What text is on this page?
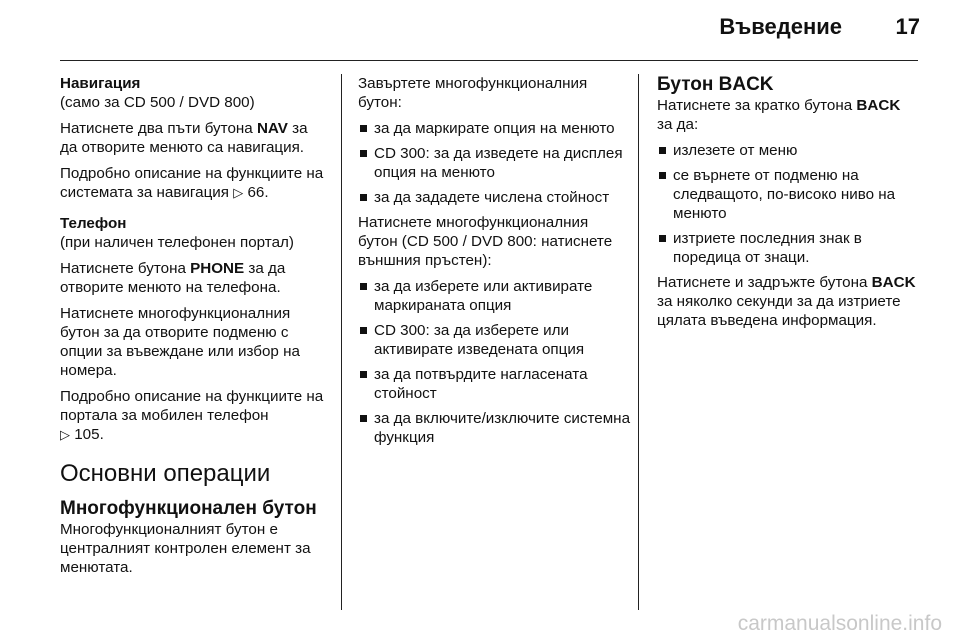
Въведение 17
Навигация

(само за CD 500 / DVD 800)

Натиснете два пъти бутона NAV за да отворите менюто са навигация.

Подробно описание на функциите на системата за навигация ▷ 66.

Телефон

(при наличен телефонен портал)

Натиснете бутона PHONE за да отворите менюто на телефона.

Натиснете многофункционалния бутон за да отворите подменю с опции за въвеждане или избор на номера.

Подробно описание на функциите на портала за мобилен телефон
▷ 105.

Основни операции
Многофункционален бутон

Многофункционалният бутон е централният контролен елемент за менютата.

Завъртете многофункционалния бутон:

за да маркирате опция на менюто
CD 300: за да изведете на дисплея опция на менюто
за да зададете числена стойност

Натиснете многофункционалния бутон (CD 500 / DVD 800: натиснете външния пръстен):

за да изберете или активирате маркираната опция
CD 300: за да изберете или активирате изведената опция
за да потвърдите нагласената стойност
за да включите/изключите системна функция
Бутон BACK

Натиснете за кратко бутона BACK за да:

излезете от меню
се върнете от подменю на следващото, по-високо ниво на менюто
изтриете последния знак в поредица от знаци.

Натиснете и задръжте бутона BACK за няколко секунди за да изтриете цялата въведена информация.

carmanualsonline.info
